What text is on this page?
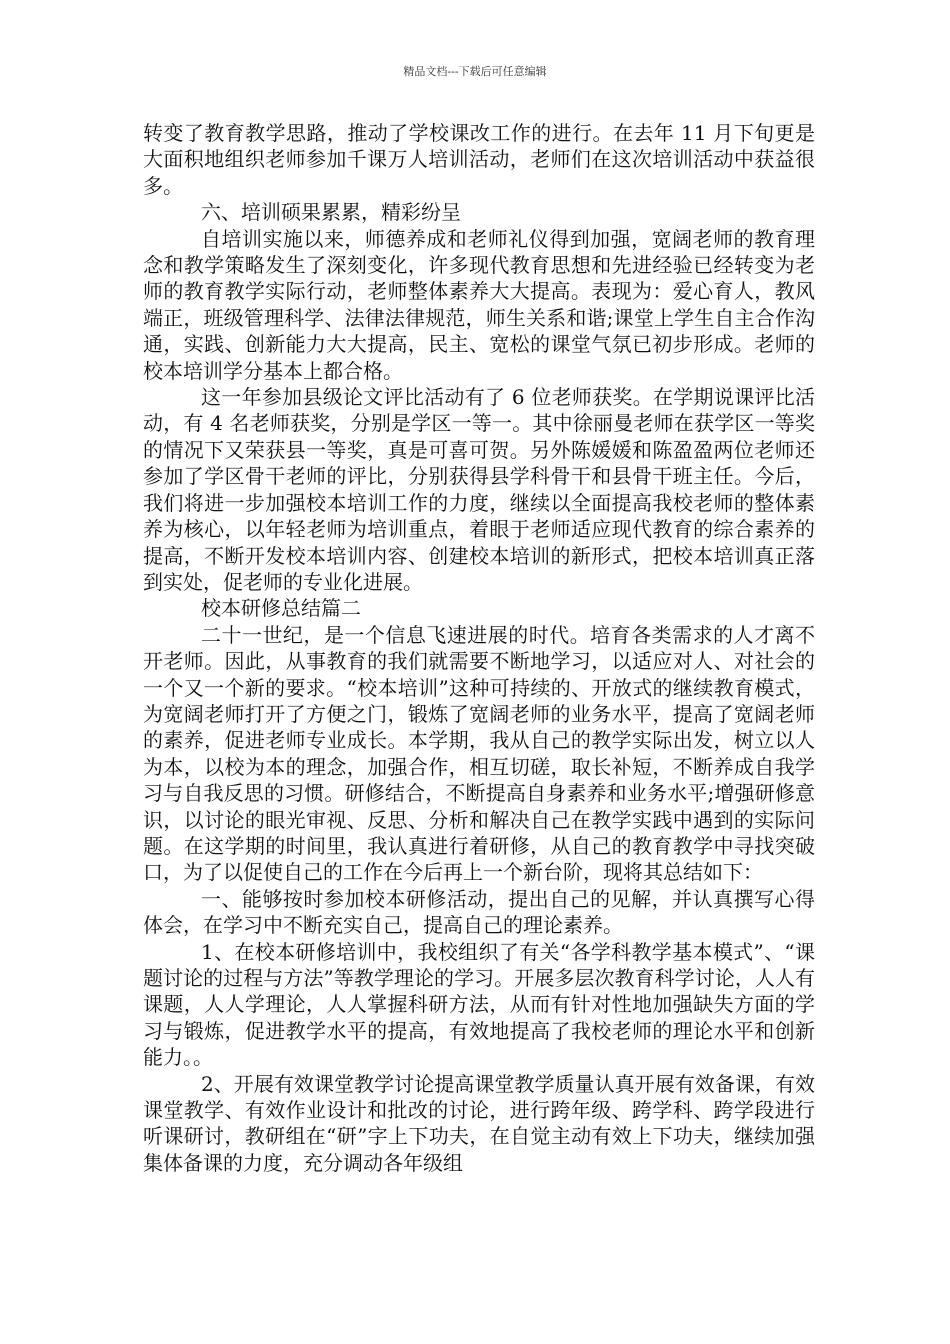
精品文档---下载后可任意编辑

转变了教育教学思路，推动了学校课改工作的进行。在去年 11 月下旬更是大面积地组织老师参加千课万人培训活动，老师们在这次培训活动中获益很多。

六、培训硕果累累，精彩纷呈

自培训实施以来，师德养成和老师礼仪得到加强，宽阔老师的教育理念和教学策略发生了深刻变化，许多现代教育思想和先进经验已经转变为老师的教育教学实际行动，老师整体素养大大提高。表现为：爱心育人，教风端正，班级管理科学、法律法律规范，师生关系和谐;课堂上学生自主合作沟通，实践、创新能力大大提高，民主、宽松的课堂气氛已初步形成。老师的校本培训学分基本上都合格。

这一年参加县级论文评比活动有了 6 位老师获奖。在学期说课评比活动，有 4 名老师获奖，分别是学区一等一。其中徐丽曼老师在获学区一等奖的情况下又荣获县一等奖，真是可喜可贺。另外陈媛媛和陈盈盈两位老师还参加了学区骨干老师的评比，分别获得县学科骨干和县骨干班主任。今后，我们将进一步加强校本培训工作的力度，继续以全面提高我校老师的整体素养为核心，以年轻老师为培训重点，着眼于老师适应现代教育的综合素养的提高，不断开发校本培训内容、创建校本培训的新形式，把校本培训真正落到实处，促老师的专业化进展。

校本研修总结篇二

二十一世纪，是一个信息飞速进展的时代。培育各类需求的人才离不开老师。因此，从事教育的我们就需要不断地学习，以适应对人、对社会的一个又一个新的要求。“校本培训”这种可持续的、开放式的继续教育模式，为宽阔老师打开了方便之门，锻炼了宽阔老师的业务水平，提高了宽阔老师的素养，促进老师专业成长。本学期，我从自己的教学实际出发，树立以人为本，以校为本的理念，加强合作，相互切磋，取长补短，不断养成自我学习与自我反思的习惯。研修结合，不断提高自身素养和业务水平;增强研修意识，以讨论的眼光审视、反思、分析和解决自己在教学实践中遇到的实际问题。在这学期的时间里，我认真进行着研修，从自己的教育教学中寻找突破口，为了以促使自己的工作在今后再上一个新台阶，现将其总结如下：

一、能够按时参加校本研修活动，提出自己的见解，并认真撰写心得体会，在学习中不断充实自己，提高自己的理论素养。

1、在校本研修培训中，我校组织了有关“各学科教学基本模式”、“课题讨论的过程与方法”等教学理论的学习。开展多层次教育科学讨论，人人有课题，人人学理论，人人掌握科研方法，从而有针对性地加强缺失方面的学习与锻炼，促进教学水平的提高，有效地提高了我校老师的理论水平和创新能力。。

2、开展有效课堂教学讨论提高课堂教学质量认真开展有效备课，有效课堂教学、有效作业设计和批改的讨论，进行跨年级、跨学科、跨学段进行听课研讨，教研组在“研”字上下功夫，在自觉主动有效上下功夫，继续加强集体备课的力度，充分调动各年级组
